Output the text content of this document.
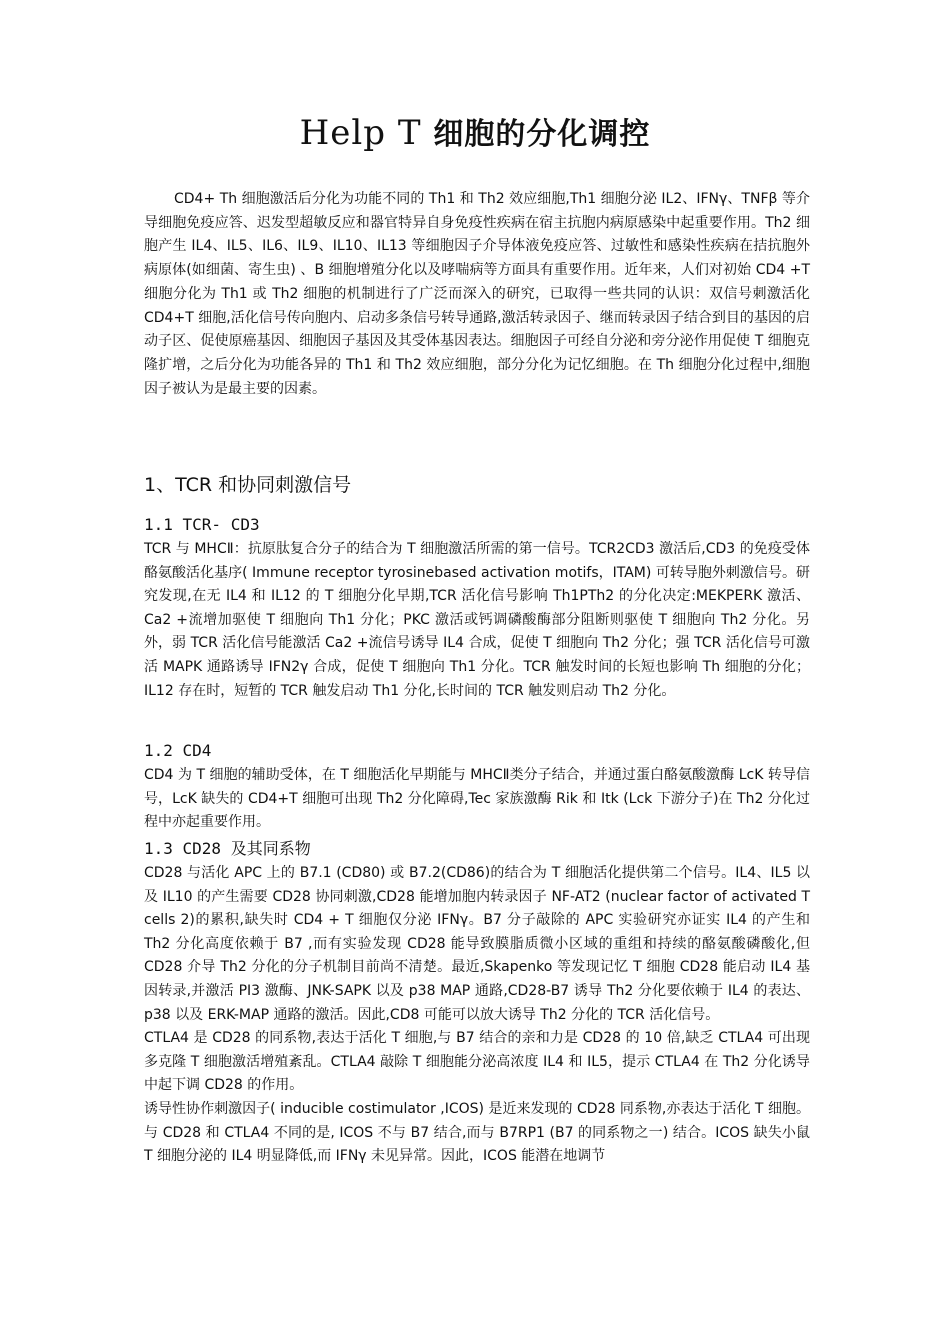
Help T 细胞的分化调控

CD4+ Th 细胞激活后分化为功能不同的 Th1 和 Th2 效应细胞,Th1 细胞分泌 IL2、IFNγ、TNFβ 等介导细胞免疫应答、迟发型超敏反应和器官特异自身免疫性疾病在宿主抗胞内病原感染中起重要作用。Th2 细胞产生 IL4、IL5、IL6、IL9、IL10、IL13 等细胞因子介导体液免疫应答、过敏性和感染性疾病在拮抗胞外病原体(如细菌、寄生虫) 、B 细胞增殖分化以及哮喘病等方面具有重要作用。近年来，人们对初始 CD4 +T 细胞分化为 Th1 或 Th2 细胞的机制进行了广泛而深入的研究，已取得一些共同的认识：双信号刺激活化 CD4+T 细胞,活化信号传向胞内、启动多条信号转导通路,激活转录因子、继而转录因子结合到目的基因的启动子区、促使原癌基因、细胞因子基因及其受体基因表达。细胞因子可经自分泌和旁分泌作用促使 T 细胞克隆扩增，之后分化为功能各异的 Th1 和 Th2 效应细胞，部分分化为记忆细胞。在 Th 细胞分化过程中,细胞因子被认为是最主要的因素。

1、TCR 和协同刺激信号
1.1 TCR- CD3

TCR 与 MHCⅡ：抗原肽复合分子的结合为 T 细胞激活所需的第一信号。TCR2CD3 激活后,CD3 的免疫受体酪氨酸活化基序( Immune receptor tyrosinebased activation motifs，ITAM) 可转导胞外刺激信号。研究发现,在无 IL4 和 IL12 的 T 细胞分化早期,TCR 活化信号影响 Th1PTh2 的分化决定:MEKPERK 激活、Ca2 +流增加驱使 T 细胞向 Th1 分化；PKC 激活或钙调磷酸酶部分阻断则驱使 T 细胞向 Th2 分化。另外，弱 TCR 活化信号能激活 Ca2 +流信号诱导 IL4 合成，促使 T 细胞向 Th2 分化；强 TCR 活化信号可激活 MAPK 通路诱导 IFN2γ 合成，促使 T 细胞向 Th1 分化。TCR 触发时间的长短也影响 Th 细胞的分化；IL12 存在时，短暂的 TCR 触发启动 Th1 分化,长时间的 TCR 触发则启动 Th2 分化。

1.2 CD4

CD4 为 T 细胞的辅助受体，在 T 细胞活化早期能与 MHCⅡ类分子结合，并通过蛋白酪氨酸激酶 LcK 转导信号，LcK 缺失的 CD4+T 细胞可出现 Th2 分化障碍,Tec 家族激酶 Rik 和 Itk (Lck 下游分子)在 Th2 分化过程中亦起重要作用。

1.3 CD28 及其同系物

CD28 与活化 APC 上的 B7.1 (CD80) 或 B7.2(CD86)的结合为 T 细胞活化提供第二个信号。IL4、IL5 以及 IL10 的产生需要 CD28 协同刺激,CD28 能增加胞内转录因子 NF-AT2 (nuclear factor of activated T cells 2)的累积,缺失时 CD4 + T 细胞仅分泌 IFNγ。B7 分子敲除的 APC 实验研究亦证实 IL4 的产生和 Th2 分化高度依赖于 B7 ,而有实验发现 CD28 能导致膜脂质微小区域的重组和持续的酪氨酸磷酸化,但 CD28 介导 Th2 分化的分子机制目前尚不清楚。最近,Skapenko 等发现记忆 T 细胞 CD28 能启动 IL4 基因转录,并激活 PI3 激酶、JNK-SAPK 以及 p38 MAP 通路,CD28-B7 诱导 Th2 分化要依赖于 IL4 的表达、p38 以及 ERK-MAP 通路的激活。因此,CD8 可能可以放大诱导 Th2 分化的 TCR 活化信号。

CTLA4 是 CD28 的同系物,表达于活化 T 细胞,与 B7 结合的亲和力是 CD28 的 10 倍,缺乏 CTLA4 可出现多克隆 T 细胞激活增殖紊乱。CTLA4 敲除 T 细胞能分泌高浓度 IL4 和 IL5，提示 CTLA4 在 Th2 分化诱导中起下调 CD28 的作用。

诱导性协作刺激因子( inducible costimulator ,ICOS) 是近来发现的 CD28 同系物,亦表达于活化 T 细胞。与 CD28 和 CTLA4 不同的是, ICOS 不与 B7 结合,而与 B7RP1 (B7 的同系物之一) 结合。ICOS 缺失小鼠 T 细胞分泌的 IL4 明显降低,而 IFNγ 未见异常。因此，ICOS 能潜在地调节
